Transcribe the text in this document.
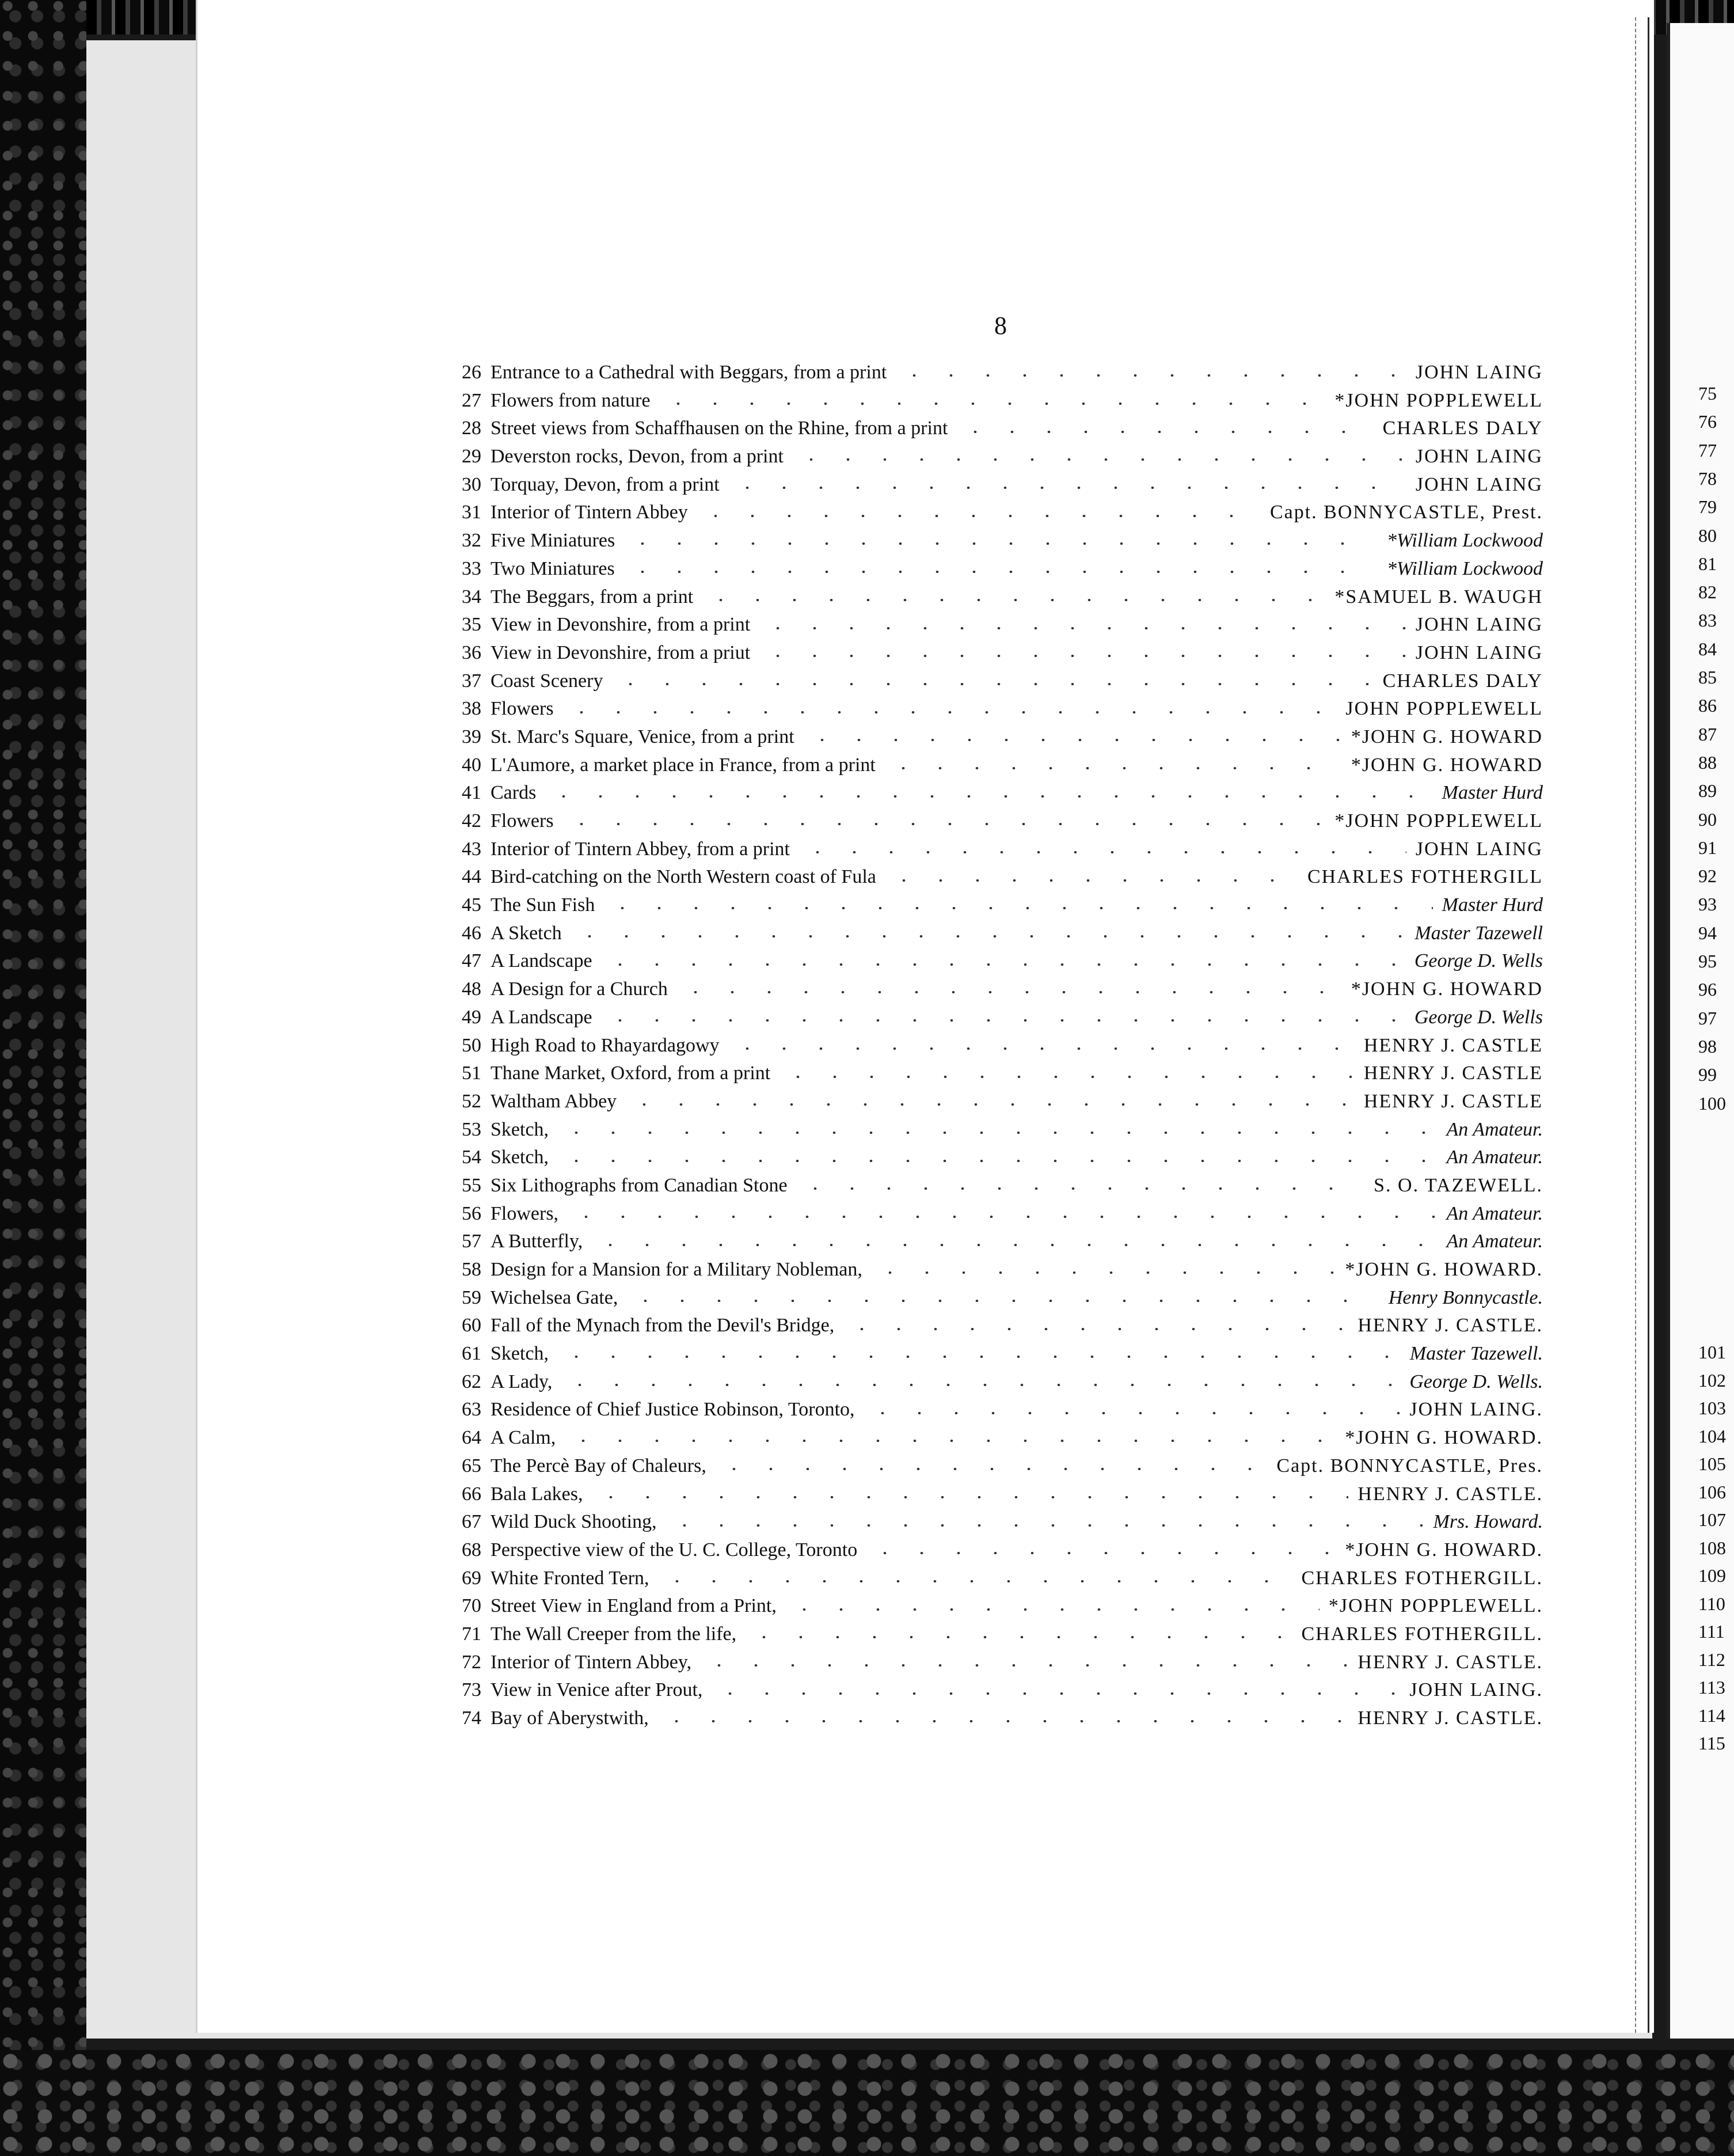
8
26 Entrance to a Cathedral with Beggars, from a print	JOHN LAING
27 Flowers from nature	*JOHN POPPLEWELL
28 Street views from Schaffhausen on the Rhine, from a print	CHARLES DALY
29 Deverston rocks, Devon, from a print	JOHN LAING
30 Torquay, Devon, from a print	JOHN LAING
31 Interior of Tintern Abbey	Capt. BONNYCASTLE, Prest.
32 Five Miniatures	*William Lockwood
33 Two Miniatures	*William Lockwood
34 The Beggars, from a print	*SAMUEL B. WAUGH
35 View in Devonshire, from a print	JOHN LAING
36 View in Devonshire, from a priut	JOHN LAING
37 Coast Scenery	CHARLES DALY
38 Flowers	JOHN POPPLEWELL
39 St. Marc's Square, Venice, from a print	*JOHN G. HOWARD
40 L'Aumore, a market place in France, from a print	*JOHN G. HOWARD
41 Cards	Master Hurd
42 Flowers	*JOHN POPPLEWELL
43 Interior of Tintern Abbey, from a print	JOHN LAING
44 Bird-catching on the North Western coast of Fula	CHARLES FOTHERGILL
45 The Sun Fish	Master Hurd
46 A Sketch	Master Tazewell
47 A Landscape	George D. Wells
48 A Design for a Church	*JOHN G. HOWARD
49 A Landscape	George D. Wells
50 High Road to Rhayardagowy	HENRY J. CASTLE
51 Thane Market, Oxford, from a print	HENRY J. CASTLE
52 Waltham Abbey	HENRY J. CASTLE
53 Sketch,	An Amateur.
54 Sketch,	An Amateur.
55 Six Lithographs from Canadian Stone	S. O. TAZEWELL.
56 Flowers,	An Amateur.
57 A Butterfly,	An Amateur.
58 Design for a Mansion for a Military Nobleman,	*JOHN G. HOWARD.
59 Wichelsea Gate,	Henry Bonnycastle.
60 Fall of the Mynach from the Devil's Bridge,	HENRY J. CASTLE.
61 Sketch,	Master Tazewell.
62 A Lady,	George D. Wells.
63 Residence of Chief Justice Robinson, Toronto,	JOHN LAING.
64 A Calm,	*JOHN G. HOWARD.
65 The Percè Bay of Chaleurs,	Capt. BONNYCASTLE, Pres.
66 Bala Lakes,	HENRY J. CASTLE.
67 Wild Duck Shooting,	Mrs. Howard.
68 Perspective view of the U. C. College, Toronto	*JOHN G. HOWARD.
69 White Fronted Tern,	CHARLES FOTHERGILL.
70 Street View in England from a Print,	*JOHN POPPLEWELL.
71 The Wall Creeper from the life,	CHARLES FOTHERGILL.
72 Interior of Tintern Abbey,	HENRY J. CASTLE.
73 View in Venice after Prout,	JOHN LAING.
74 Bay of Aberystwith,	HENRY J. CASTLE.
75
76
77
78
79
80
81
82
83
84
85
86
87
88
89
90
91
92
93
94
95
96
97
98
99
100
101
102
103
104
105
106
107
108
109
110
111
112
113
114
115
